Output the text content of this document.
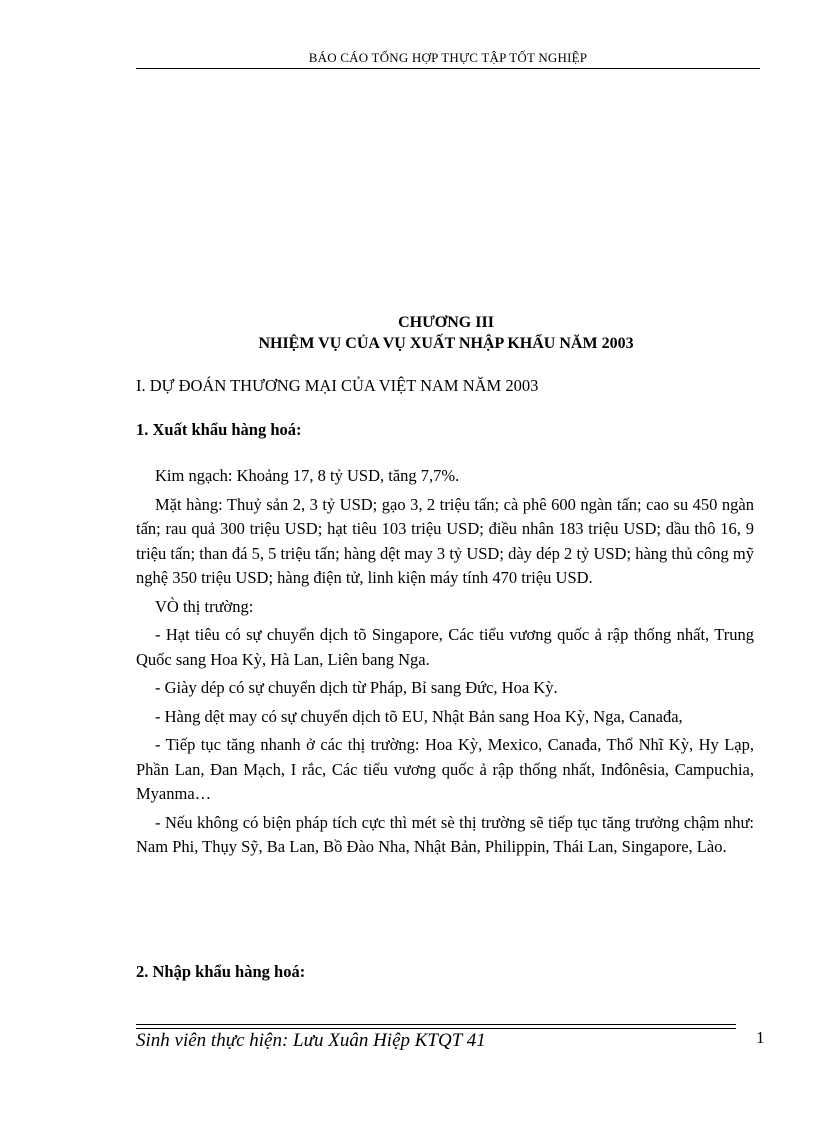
BÁO CÁO TỔNG HỢP THỰC TẬP TỐT NGHIỆP
CHƯƠNG III
NHIỆM VỤ CỦA VỤ XUẤT NHẬP KHẨU NĂM 2003
I. DỰ ĐOÁN THƯƠNG MẠI CỦA VIỆT NAM NĂM 2003
1. Xuất khẩu hàng hoá:

Kim ngạch: Khoảng 17, 8 tỷ USD, tăng 7,7%.

Mặt hàng: Thuỷ sản 2, 3 tỷ USD; gạo 3, 2 triệu tấn; cà phê 600 ngàn tấn; cao su 450 ngàn tấn; rau quả 300 triệu USD; hạt tiêu 103 triệu USD; điều nhân 183 triệu USD; dầu thô 16, 9 triệu tấn; than đá 5, 5 triệu tấn; hàng dệt may 3 tỷ USD; dày dép 2 tỷ USD; hàng thủ công mỹ nghệ 350 triệu USD; hàng điện tử, linh kiện máy tính 470 triệu USD.

VÒ thị trường:

- Hạt tiêu có sự chuyển dịch tõ Singapore, Các tiểu vương quốc ả rập thống nhất, Trung Quốc sang Hoa Kỳ, Hà Lan, Liên bang Nga.

- Giày dép có sự chuyển dịch từ Pháp, Bỉ sang Đức, Hoa Kỳ.

- Hàng dệt may có sự chuyển dịch tõ EU, Nhật Bản sang Hoa Kỳ, Nga, Canađa,

- Tiếp tục tăng nhanh ở các thị trường: Hoa Kỳ, Mexico, Canađa, Thổ Nhĩ Kỳ, Hy Lạp, Phần Lan, Đan Mạch, I rắc, Các tiểu vương quốc ả rập thống nhất, Inđônêsia, Campuchia, Myanma…

- Nếu không có biện pháp tích cực thì mét sè thị trường sẽ tiếp tục tăng trưởng chậm như: Nam Phi, Thụy Sỹ, Ba Lan, Bồ Đào Nha, Nhật Bản, Philippin, Thái Lan, Singapore, Lào.

2. Nhập khẩu hàng hoá:
Sinh viên thực hiện: Lưu Xuân Hiệp KTQT 41	1
